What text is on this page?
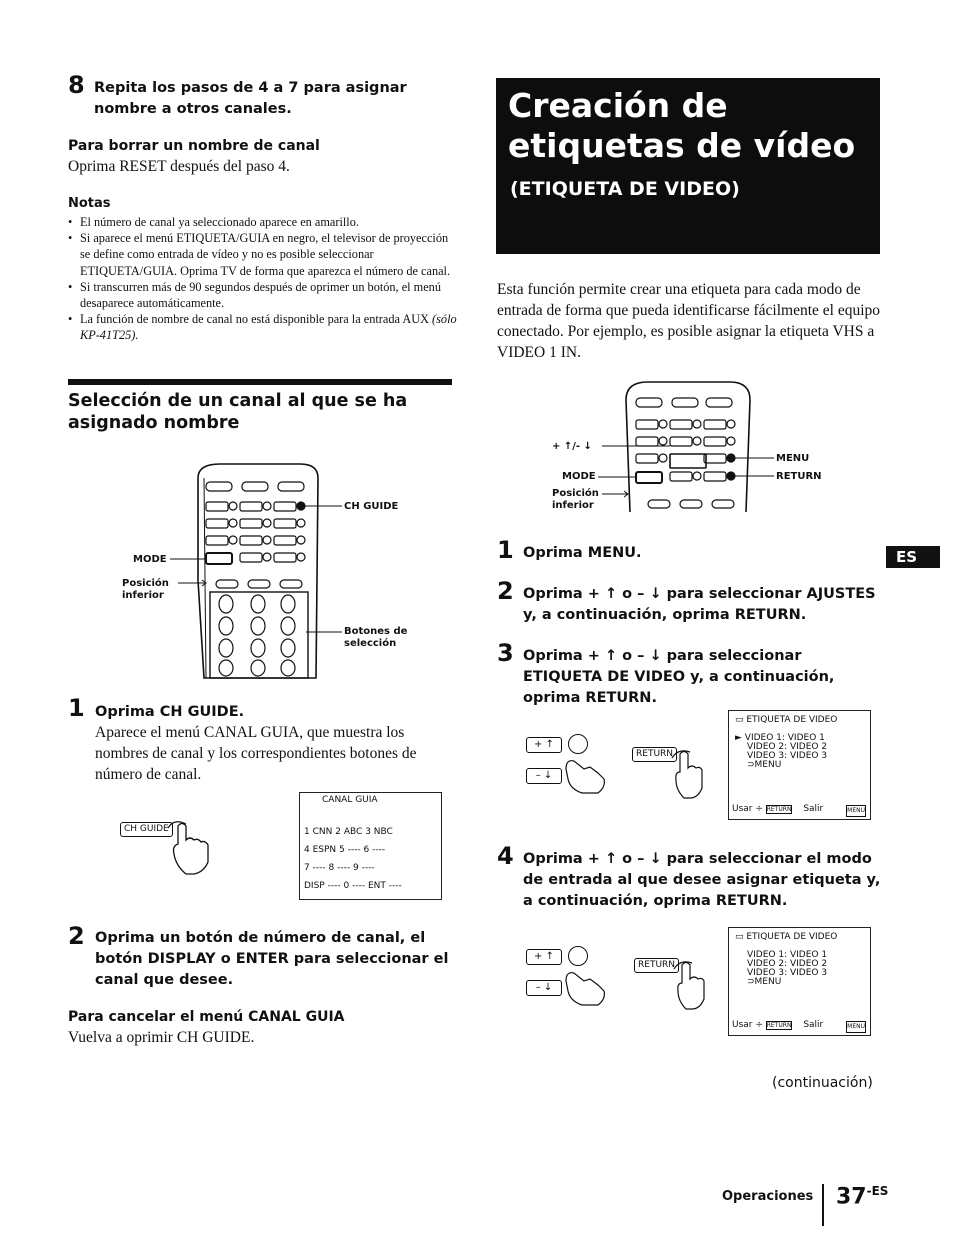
8 Repita los pasos de 4 a 7 para asignar nombre a otros canales.
Para borrar un nombre de canal
Oprima RESET después del paso 4.
Notas
• El número de canal ya seleccionado aparece en amarillo.
• Si aparece el menú ETIQUETA/GUIA en negro, el televisor de proyección se define como entrada de vídeo y no es posible seleccionar ETIQUETA/GUIA. Oprima TV de forma que aparezca el número de canal.
• Si transcurren más de 90 segundos después de oprimer un botón, el menú desaparece automáticamente.
• La función de nombre de canal no está disponible para la entrada AUX (sólo KP-41T25).
Selección de un canal al que se ha asignado nombre
CH GUIDE
MODE
Posición
inferior
Botones de
selección
1 Oprima CH GUIDE.
Aparece el menú CANAL GUIA, que muestra los nombres de canal y los correspondientes botones de número de canal.
CH GUIDE
CANAL GUIA
1 CNN 2 ABC 3 NBC
4 ESPN 5 ---- 6 ----
7 ---- 8 ---- 9 ----
DISP ---- 0 ---- ENT ----
2 Oprima un botón de número de canal, el botón DISPLAY o ENTER para seleccionar el canal que desee.
Para cancelar el menú CANAL GUIA
Vuelva a oprimir CH GUIDE.
Creación de
etiquetas de vídeo
(ETIQUETA DE VIDEO)
Esta función permite crear una etiqueta para cada modo de entrada de forma que pueda identificarse fácilmente el equipo conectado. Por ejemplo, es posible asignar la etiqueta VHS a VIDEO 1 IN.
+ ↑/- ↓
MODE
Posición
inferior
MENU
RETURN
1 Oprima MENU.
2 Oprima + ↑ o – ↓ para seleccionar AJUSTES y, a continuación, oprima RETURN.
3 Oprima + ↑ o – ↓ para seleccionar ETIQUETA DE VIDEO y, a continuación, oprima RETURN.
+ ↑
– ↓
RETURN
▭ ETIQUETA DE VIDEO
► VIDEO 1: VIDEO 1
VIDEO 2: VIDEO 2
VIDEO 3: VIDEO 3
⊃MENU
Usar ÷ RETURN Salir	MENU
4 Oprima + ↑ o – ↓ para seleccionar el modo de entrada al que desee asignar etiqueta y, a continuación, oprima RETURN.
+ ↑
– ↓
RETURN
▭ ETIQUETA DE VIDEO
VIDEO 1: VIDEO 1
VIDEO 2: VIDEO 2
VIDEO 3: VIDEO 3
⊃MENU
Usar ÷ RETURN Salir	MENU
(continuación)
ES
Operaciones $37^{-ES}$
